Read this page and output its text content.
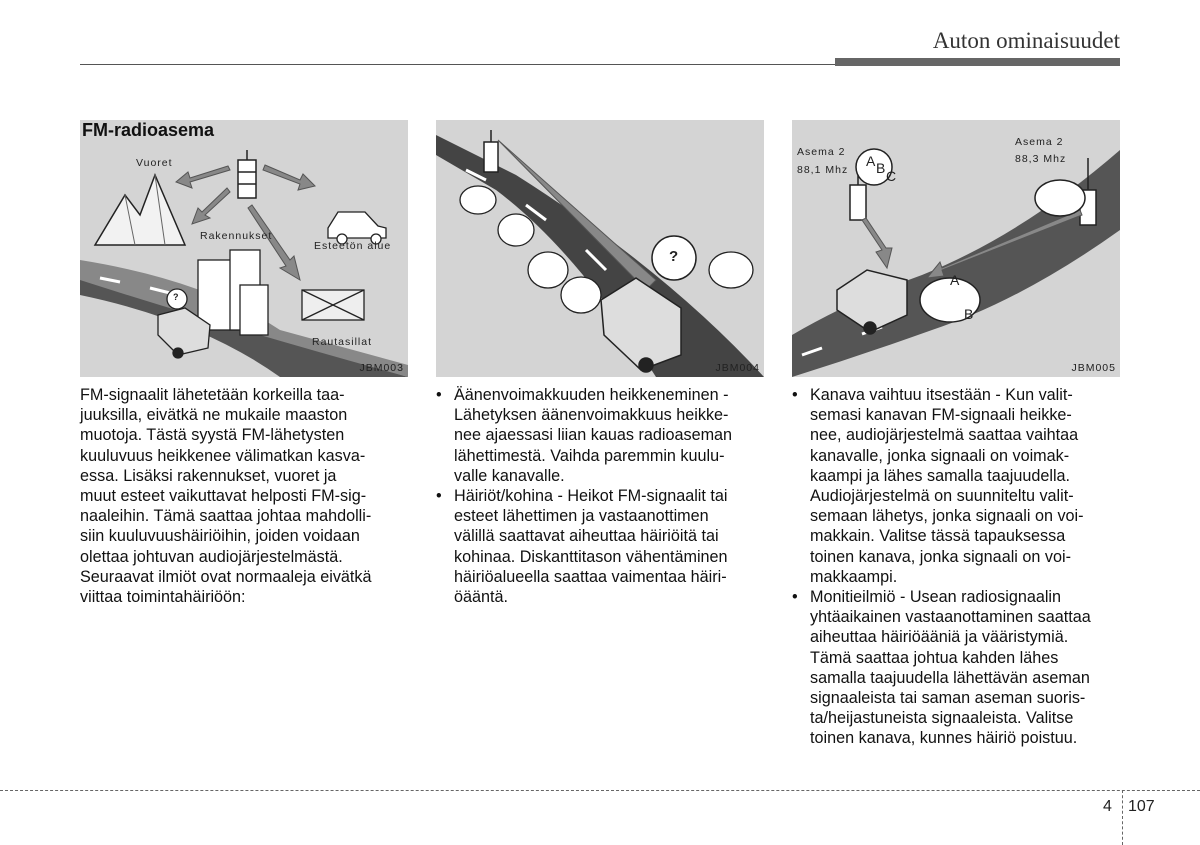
Auton ominaisuudet
FM-radioasema
Vuoret
Rakennukset
Esteetön alue
Rautasillat
?
JBM003
?
JBM004
Asema 2
88,1 Mhz
Asema 2
88,3 Mhz
A B C
A
B
JBM005
FM-signaalit lähetetään korkeilla taa-
juuksilla, eivätkä ne mukaile maaston
muotoja. Tästä syystä FM-lähetysten
kuuluvuus heikkenee välimatkan kasva-
essa. Lisäksi rakennukset, vuoret ja
muut esteet vaikuttavat helposti FM-sig-
naaleihin. Tämä saattaa johtaa mahdolli-
siin kuuluvuushäiriöihin, joiden voidaan
olettaa johtuvan audiojärjestelmästä.
Seuraavat ilmiöt ovat normaaleja eivätkä
viittaa toimintahäiriöön:
• Äänenvoimakkuuden heikkeneminen -
Lähetyksen äänenvoimakkuus heikke-
nee ajaessasi liian kauas radioaseman
lähettimestä. Vaihda paremmin kuulu-
valle kanavalle.
• Häiriöt/kohina - Heikot FM-signaalit tai
esteet lähettimen ja vastaanottimen
välillä saattavat aiheuttaa häiriöitä tai
kohinaa. Diskanttitason vähentäminen
häiriöalueella saattaa vaimentaa häiri-
öääntä.
• Kanava vaihtuu itsestään - Kun valit-
semasi kanavan FM-signaali heikke-
nee, audiojärjestelmä saattaa vaihtaa
kanavalle, jonka signaali on voimak-
kaampi ja lähes samalla taajuudella.
Audiojärjestelmä on suunniteltu valit-
semaan lähetys, jonka signaali on voi-
makkain. Valitse tässä tapauksessa
toinen kanava, jonka signaali on voi-
makkaampi.
• Monitieilmiö - Usean radiosignaalin
yhtäaikainen vastaanottaminen saattaa
aiheuttaa häiriöääniä ja vääristymiä.
Tämä saattaa johtua kahden lähes
samalla taajuudella lähettävän aseman
signaaleista tai saman aseman suoris-
ta/heijastuneista signaaleista. Valitse
toinen kanava, kunnes häiriö poistuu.
4 107
